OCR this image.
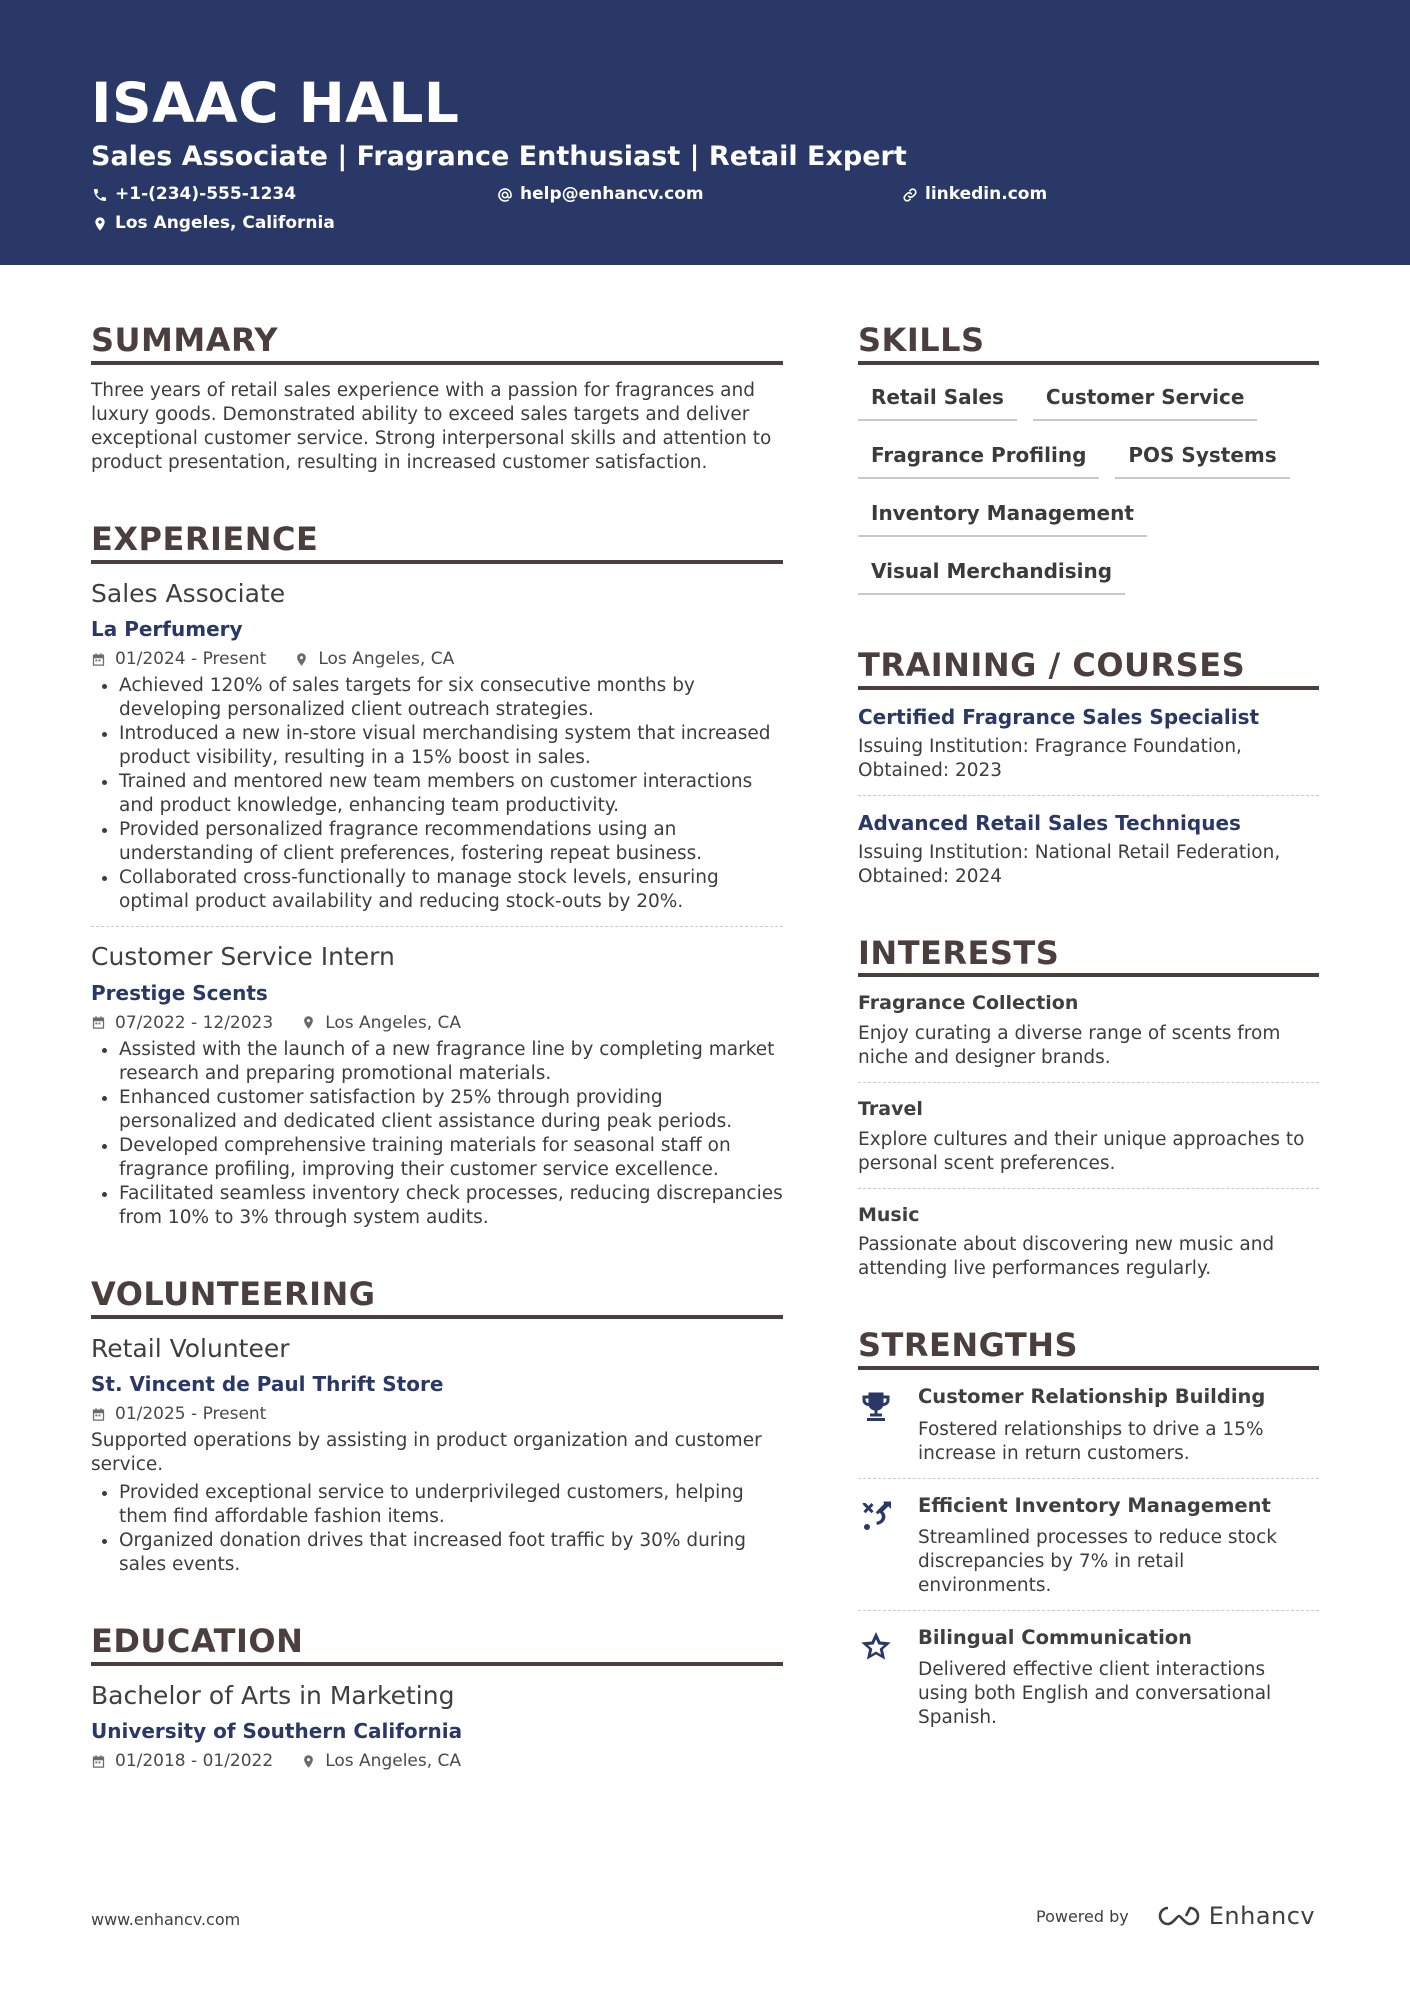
ISAAC HALL
Sales Associate | Fragrance Enthusiast | Retail Expert
+1-(234)-555-1234	help@enhancv.com	linkedin.com
Los Angeles, California
SUMMARY
Three years of retail sales experience with a passion for fragrances and luxury goods. Demonstrated ability to exceed sales targets and deliver exceptional customer service. Strong interpersonal skills and attention to product presentation, resulting in increased customer satisfaction.
EXPERIENCE
Sales Associate
La Perfumery
01/2024 - Present	Los Angeles, CA
• Achieved 120% of sales targets for six consecutive months by developing personalized client outreach strategies.
• Introduced a new in-store visual merchandising system that increased product visibility, resulting in a 15% boost in sales.
• Trained and mentored new team members on customer interactions and product knowledge, enhancing team productivity.
• Provided personalized fragrance recommendations using an understanding of client preferences, fostering repeat business.
• Collaborated cross-functionally to manage stock levels, ensuring optimal product availability and reducing stock-outs by 20%.
Customer Service Intern
Prestige Scents
07/2022 - 12/2023	Los Angeles, CA
• Assisted with the launch of a new fragrance line by completing market research and preparing promotional materials.
• Enhanced customer satisfaction by 25% through providing personalized and dedicated client assistance during peak periods.
• Developed comprehensive training materials for seasonal staff on fragrance profiling, improving their customer service excellence.
• Facilitated seamless inventory check processes, reducing discrepancies from 10% to 3% through system audits.
VOLUNTEERING
Retail Volunteer
St. Vincent de Paul Thrift Store
01/2025 - Present
Supported operations by assisting in product organization and customer service.
• Provided exceptional service to underprivileged customers, helping them find affordable fashion items.
• Organized donation drives that increased foot traffic by 30% during sales events.
EDUCATION
Bachelor of Arts in Marketing
University of Southern California
01/2018 - 01/2022	Los Angeles, CA
SKILLS
Retail Sales	Customer Service
Fragrance Profiling	POS Systems
Inventory Management
Visual Merchandising
TRAINING / COURSES
Certified Fragrance Sales Specialist
Issuing Institution: Fragrance Foundation, Obtained: 2023
Advanced Retail Sales Techniques
Issuing Institution: National Retail Federation, Obtained: 2024
INTERESTS
Fragrance Collection
Enjoy curating a diverse range of scents from niche and designer brands.
Travel
Explore cultures and their unique approaches to personal scent preferences.
Music
Passionate about discovering new music and attending live performances regularly.
STRENGTHS
Customer Relationship Building
Fostered relationships to drive a 15% increase in return customers.
Efficient Inventory Management
Streamlined processes to reduce stock discrepancies by 7% in retail environments.
Bilingual Communication
Delivered effective client interactions using both English and conversational Spanish.
www.enhancv.com	Powered by	Enhancv
